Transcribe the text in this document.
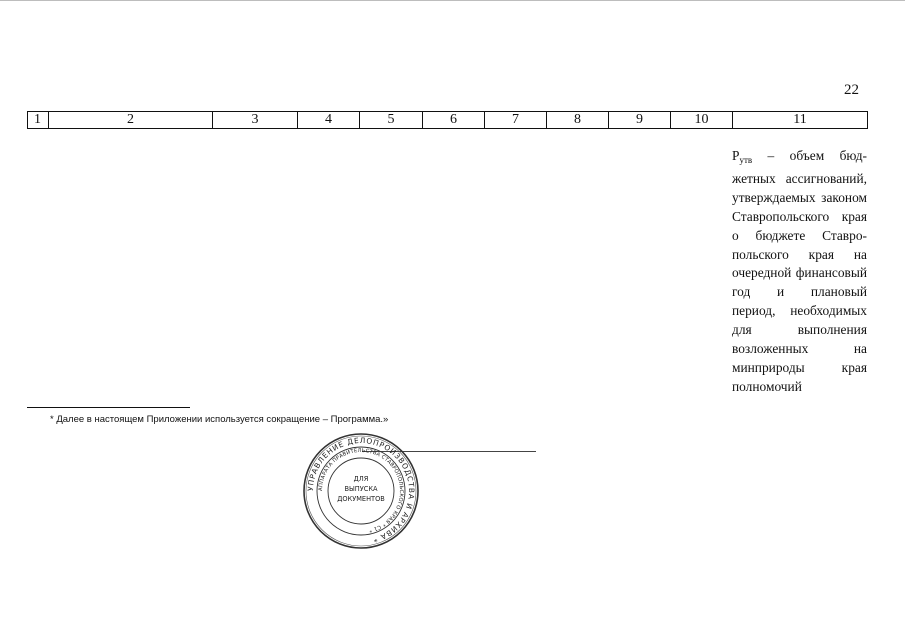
22
1	2	3	4	5	6	7	8	9	10	11
$P_{утв}$ – объем бюджетных ассигнований, утверждаемых законом Ставропольского края о бюджете Ставропольского края на очередной финансовый год и плановый период, необходимых для выполнения возложенных на минприроды края полномочий
* Далее в настоящем Приложении используется сокращение – Программа.»
УПРАВЛЕНИЕ ДЕЛОПРОИЗВОДСТВА И АРХИВА *
АППАРАТА ПРАВИТЕЛЬСТВА СТАВРОПОЛЬСКОГО КРАЯ * С1 *
ДЛЯ
ВЫПУСКА
ДОКУМЕНТОВ
